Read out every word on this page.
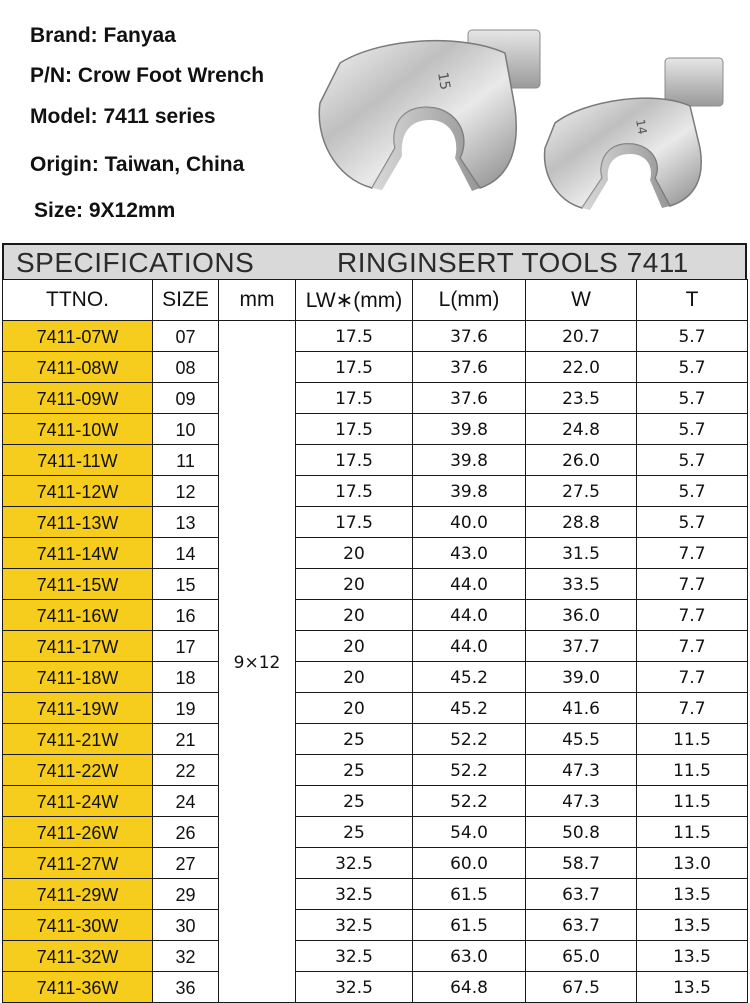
Brand: Fanyaa
P/N: Crow Foot Wrench
Model: 7411 series
Origin: Taiwan, China
Size: 9X12mm
15
14
SPECIFICATIONS	RINGINSERT TOOLS 7411
TTNO.	SIZE	mm	LW∗(mm)	L(mm)	W	T
7411-07W	07	9×12	17.5	37.6	20.7	5.7
7411-08W	08		17.5	37.6	22.0	5.7
7411-09W	09		17.5	37.6	23.5	5.7
7411-10W	10		17.5	39.8	24.8	5.7
7411-11W	11		17.5	39.8	26.0	5.7
7411-12W	12		17.5	39.8	27.5	5.7
7411-13W	13		17.5	40.0	28.8	5.7
7411-14W	14		20	43.0	31.5	7.7
7411-15W	15		20	44.0	33.5	7.7
7411-16W	16		20	44.0	36.0	7.7
7411-17W	17		20	44.0	37.7	7.7
7411-18W	18		20	45.2	39.0	7.7
7411-19W	19		20	45.2	41.6	7.7
7411-21W	21		25	52.2	45.5	11.5
7411-22W	22		25	52.2	47.3	11.5
7411-24W	24		25	52.2	47.3	11.5
7411-26W	26		25	54.0	50.8	11.5
7411-27W	27		32.5	60.0	58.7	13.0
7411-29W	29		32.5	61.5	63.7	13.5
7411-30W	30		32.5	61.5	63.7	13.5
7411-32W	32		32.5	63.0	65.0	13.5
7411-36W	36		32.5	64.8	67.5	13.5
